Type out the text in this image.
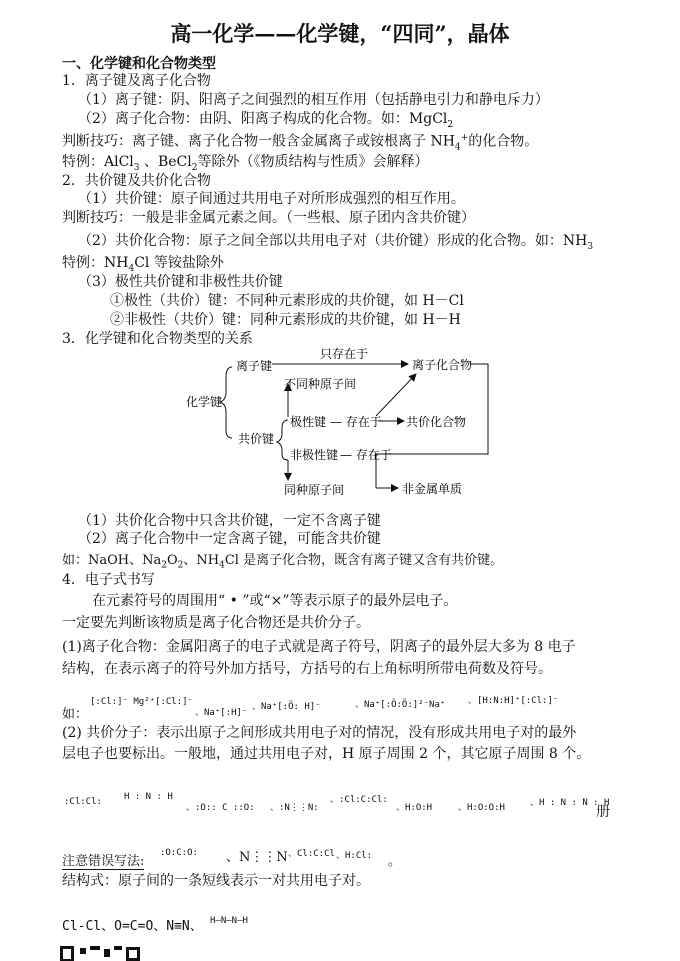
高一化学——化学键，“四同”，晶体
一、化学键和化合物类型
1．离子键及离子化合物
（1）离子键：阴、阳离子之间强烈的相互作用（包括静电引力和静电斥力）
（2）离子化合物：由阴、阳离子构成的化合物。如：MgCl$_2$
判断技巧：离子键、离子化合物一般含金属离子或铵根离子 $NH_4^+$的化合物。
特例：AlCl$_3$ 、BeCl$_2$等除外（《物质结构与性质》会解释）
2．共价键及共价化合物
（1）共价键：原子间通过共用电子对所形成强烈的相互作用。
判断技巧：一般是非金属元素之间。（一些根、原子团内含共价键）
（2）共价化合物：原子之间全部以共用电子对（共价键）形成的化合物。如：$NH_3$
特例：$NH_4Cl$ 等铵盐除外
（3）极性共价键和非极性共价键
①极性（共价）键：不同种元素形成的共价键，如 H－Cl
②非极性（共价）键：同种元素形成的共价键，如 H－H
3．化学键和化合物类型的关系
化学键
离子键
共价键
只存在于
离子化合物
不同种原子间
极性键 — 存在于 共价化合物
非极性键 — 存在于
同种原子间	非金属单质
（1）共价化合物中只含共价键，一定不含离子键
（2）离子化合物中一定含离子键，可能含共价键
如：NaOH、$Na_2O_2$、$NH_4Cl$ 是离子化合物，既含有离子键又含有共价键。
4．电子式书写
在元素符号的周围用“ • ”或“×”等表示原子的最外层电子。
一定要先判断该物质是离子化合物还是共价分子。
(1)离子化合物：金属阳离子的电子式就是离子符号，阴离子的最外层大多为 8 电子
结构，在表示离子的符号外加方括号，方括号的右上角标明所带电荷数及符号。
如：
[:Cl:]⁻ Mg²⁺[:Cl:]⁻
、Na⁺[:H]⁻
、Na⁺[:Ö: H]⁻	、Na⁺[:Ö:Ö:]²⁻Na⁺	、[H:N:H]⁺[:Cl:]⁻
(2) 共价分子：表示出原子之间形成共用电子对的情况，没有形成共用电子对的最外
层电子也要标出。一般地，通过共用电子对，H 原子周围 2 个，其它原子周围 8 个。
:Cl:Cl: H : N : H
、:O:: C ::O: 、:N⋮⋮N:
、:Cl:C:Cl:
、H:O:H	、H:O:O:H	、H : N : N : H
册
注意错误写法:
:O:C:O: 、N⋮⋮N 、Cl:C:Cl 、H:Cl: 。
结构式：原子间的一条短线表示一对共用电子对。
Cl-Cl、O=C=O、N≡N、 H—N—N—H
